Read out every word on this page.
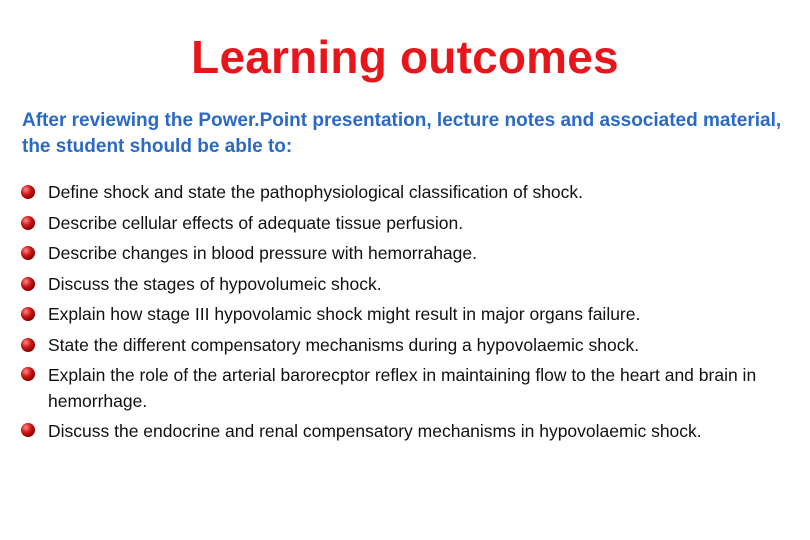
Learning outcomes
After reviewing the Power.Point presentation, lecture notes and associated material, the student should be able to:
Define shock and state the pathophysiological classification of shock.
Describe cellular effects of adequate tissue perfusion.
Describe changes in blood pressure with hemorrahage.
Discuss the stages of hypovolumeic shock.
Explain how stage III hypovolamic shock might result in major organs failure.
State the different compensatory mechanisms during a hypovolaemic shock.
Explain the role of the arterial barorecptor reflex in maintaining flow to the heart and brain in hemorrhage.
Discuss the endocrine and renal compensatory mechanisms in hypovolaemic shock.
